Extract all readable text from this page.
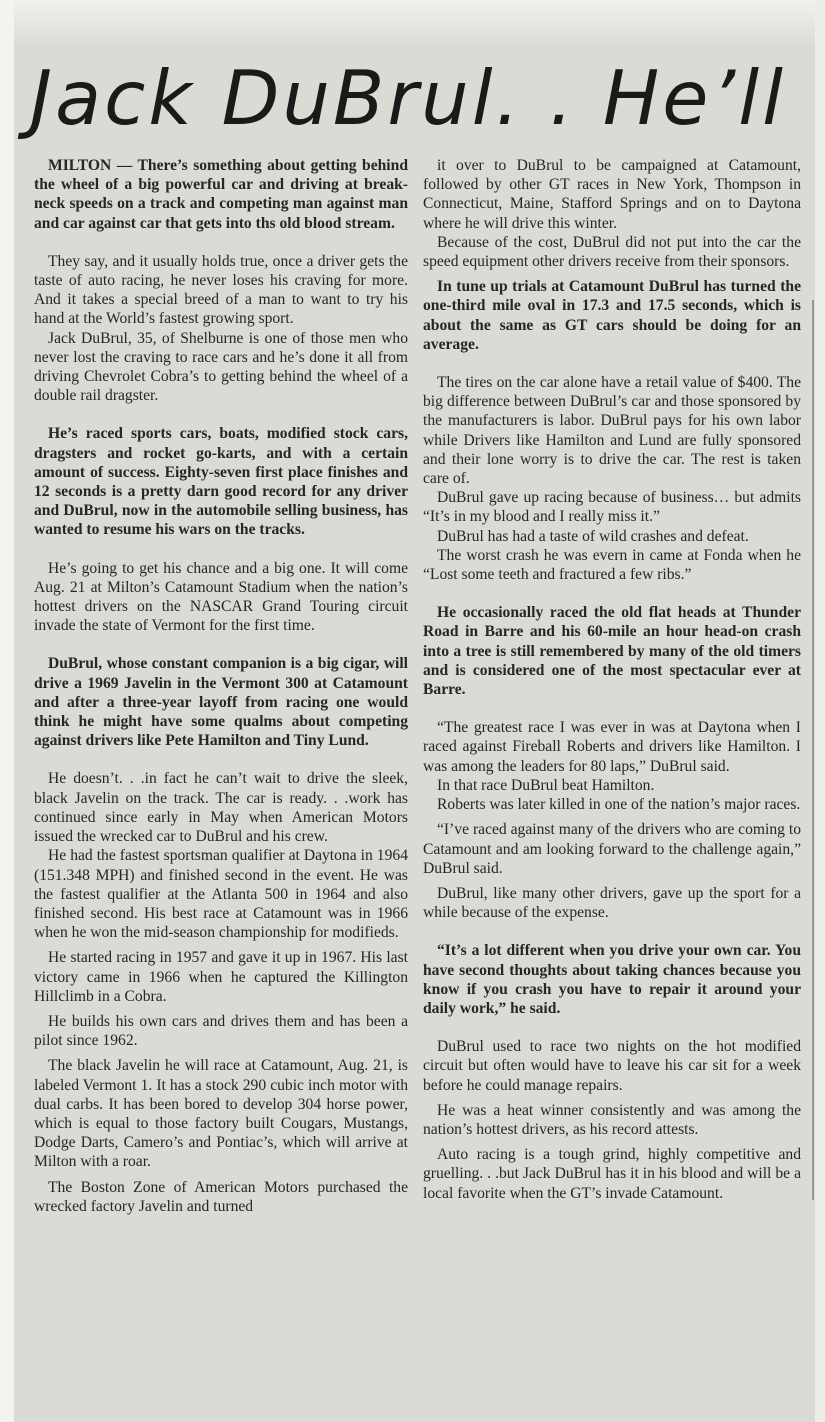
Jack DuBrul. . He’ll

MILTON — There’s something about getting behind the wheel of a big powerful car and driving at break-neck speeds on a track and competing man against man and car against car that gets into ths old blood stream.

They say, and it usually holds true, once a driver gets the taste of auto racing, he never loses his craving for more. And it takes a special breed of a man to want to try his hand at the World’s fastest growing sport.

Jack DuBrul, 35, of Shelburne is one of those men who never lost the craving to race cars and he’s done it all from driving Chevrolet Cobra’s to getting behind the wheel of a double rail dragster.

He’s raced sports cars, boats, modified stock cars, dragsters and rocket go-karts, and with a certain amount of success. Eighty-seven first place finishes and 12 seconds is a pretty darn good record for any driver and DuBrul, now in the automobile selling business, has wanted to resume his wars on the tracks.

He’s going to get his chance and a big one. It will come Aug. 21 at Milton’s Catamount Stadium when the nation’s hottest drivers on the NASCAR Grand Touring circuit invade the state of Vermont for the first time.

DuBrul, whose constant companion is a big cigar, will drive a 1969 Javelin in the Vermont 300 at Catamount and after a three-year layoff from racing one would think he might have some qualms about competing against drivers like Pete Hamilton and Tiny Lund.

He doesn’t. . .in fact he can’t wait to drive the sleek, black Javelin on the track. The car is ready. . .work has continued since early in May when American Motors issued the wrecked car to DuBrul and his crew.

He had the fastest sportsman qualifier at Daytona in 1964 (151.348 MPH) and finished second in the event. He was the fastest qualifier at the Atlanta 500 in 1964 and also finished second. His best race at Catamount was in 1966 when he won the mid-season championship for modifieds.

He started racing in 1957 and gave it up in 1967. His last victory came in 1966 when he captured the Killington Hillclimb in a Cobra.

He builds his own cars and drives them and has been a pilot since 1962.

The black Javelin he will race at Catamount, Aug. 21, is labeled Vermont 1. It has a stock 290 cubic inch motor with dual carbs. It has been bored to develop 304 horse power, which is equal to those factory built Cougars, Mustangs, Dodge Darts, Camero’s and Pontiac’s, which will arrive at Milton with a roar.

The Boston Zone of American Motors purchased the wrecked factory Javelin and turned

it over to DuBrul to be campaigned at Catamount, followed by other GT races in New York, Thompson in Connecticut, Maine, Stafford Springs and on to Daytona where he will drive this winter.

Because of the cost, DuBrul did not put into the car the speed equipment other drivers receive from their sponsors.

In tune up trials at Catamount DuBrul has turned the one-third mile oval in 17.3 and 17.5 seconds, which is about the same as GT cars should be doing for an average.

The tires on the car alone have a retail value of $400. The big difference between DuBrul’s car and those sponsored by the manufacturers is labor. DuBrul pays for his own labor while Drivers like Hamilton and Lund are fully sponsored and their lone worry is to drive the car. The rest is taken care of.

DuBrul gave up racing because of business… but admits “It’s in my blood and I really miss it.”

DuBrul has had a taste of wild crashes and defeat.

The worst crash he was evern in came at Fonda when he “Lost some teeth and fractured a few ribs.”

He occasionally raced the old flat heads at Thunder Road in Barre and his 60-mile an hour head-on crash into a tree is still remembered by many of the old timers and is considered one of the most spectacular ever at Barre.

“The greatest race I was ever in was at Daytona when I raced against Fireball Roberts and drivers like Hamilton. I was among the leaders for 80 laps,” DuBrul said.

In that race DuBrul beat Hamilton.

Roberts was later killed in one of the nation’s major races.

“I’ve raced against many of the drivers who are coming to Catamount and am looking forward to the challenge again,” DuBrul said.

DuBrul, like many other drivers, gave up the sport for a while because of the expense.

“It’s a lot different when you drive your own car. You have second thoughts about taking chances because you know if you crash you have to repair it around your daily work,” he said.

DuBrul used to race two nights on the hot modified circuit but often would have to leave his car sit for a week before he could manage repairs.

He was a heat winner consistently and was among the nation’s hottest drivers, as his record attests.

Auto racing is a tough grind, highly competitive and gruelling. . .but Jack DuBrul has it in his blood and will be a local favorite when the GT’s invade Catamount.
